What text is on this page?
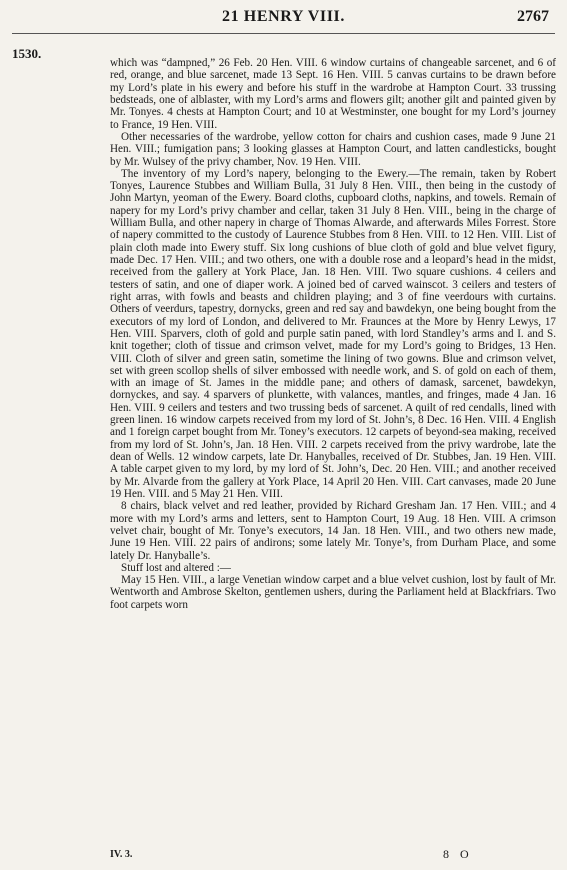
21 HENRY VIII.	2767
1530.

which was “dampned,” 26 Feb. 20 Hen. VIII. 6 window curtains of changeable sarcenet, and 6 of red, orange, and blue sarcenet, made 13 Sept. 16 Hen. VIII. 5 canvas curtains to be drawn before my Lord’s plate in his ewery and before his stuff in the wardrobe at Hampton Court. 33 trussing bedsteads, one of alblaster, with my Lord’s arms and flowers gilt; another gilt and painted given by Mr. Tonyes. 4 chests at Hampton Court; and 10 at Westminster, one bought for my Lord’s journey to France, 19 Hen. VIII.

Other necessaries of the wardrobe, yellow cotton for chairs and cushion cases, made 9 June 21 Hen. VIII.; fumigation pans; 3 looking glasses at Hampton Court, and latten candlesticks, bought by Mr. Wulsey of the privy chamber, Nov. 19 Hen. VIII.

The inventory of my Lord’s napery, belonging to the Ewery.—The remain, taken by Robert Tonyes, Laurence Stubbes and William Bulla, 31 July 8 Hen. VIII., then being in the custody of John Martyn, yeoman of the Ewery. Board cloths, cupboard cloths, napkins, and towels. Remain of napery for my Lord’s privy chamber and cellar, taken 31 July 8 Hen. VIII., being in the charge of William Bulla, and other napery in charge of Thomas Alwarde, and afterwards Miles Forrest. Store of napery committed to the custody of Laurence Stubbes from 8 Hen. VIII. to 12 Hen. VIII. List of plain cloth made into Ewery stuff. Six long cushions of blue cloth of gold and blue velvet figury, made Dec. 17 Hen. VIII.; and two others, one with a double rose and a leopard’s head in the midst, received from the gallery at York Place, Jan. 18 Hen. VIII. Two square cushions. 4 ceilers and testers of satin, and one of diaper work. A joined bed of carved wainscot. 3 ceilers and testers of right arras, with fowls and beasts and children playing; and 3 of fine veerdours with curtains. Others of veerdurs, tapestry, dornycks, green and red say and bawdekyn, one being bought from the executors of my lord of London, and delivered to Mr. Fraunces at the More by Henry Lewys, 17 Hen. VIII. Sparvers, cloth of gold and purple satin paned, with lord Standley’s arms and I. and S. knit together; cloth of tissue and crimson velvet, made for my Lord’s going to Bridges, 13 Hen. VIII. Cloth of silver and green satin, sometime the lining of two gowns. Blue and crimson velvet, set with green scollop shells of silver embossed with needle work, and S. of gold on each of them, with an image of St. James in the middle pane; and others of damask, sarcenet, bawdekyn, dornyckes, and say. 4 sparvers of plunkette, with valances, mantles, and fringes, made 4 Jan. 16 Hen. VIII. 9 ceilers and testers and two trussing beds of sarcenet. A quilt of red cendalls, lined with green linen. 16 window carpets received from my lord of St. John’s, 8 Dec. 16 Hen. VIII. 4 English and 1 foreign carpet bought from Mr. Toney’s executors. 12 carpets of beyond-sea making, received from my lord of St. John’s, Jan. 18 Hen. VIII. 2 carpets received from the privy wardrobe, late the dean of Wells. 12 window carpets, late Dr. Hanyballes, received of Dr. Stubbes, Jan. 19 Hen. VIII. A table carpet given to my lord, by my lord of St. John’s, Dec. 20 Hen. VIII.; and another received by Mr. Alvarde from the gallery at York Place, 14 April 20 Hen. VIII. Cart canvases, made 20 June 19 Hen. VIII. and 5 May 21 Hen. VIII.

8 chairs, black velvet and red leather, provided by Richard Gresham Jan. 17 Hen. VIII.; and 4 more with my Lord’s arms and letters, sent to Hampton Court, 19 Aug. 18 Hen. VIII. A crimson velvet chair, bought of Mr. Tonye’s executors, 14 Jan. 18 Hen. VIII., and two others new made, June 19 Hen. VIII. 22 pairs of andirons; some lately Mr. Tonye’s, from Durham Place, and some lately Dr. Hanyballe’s.

Stuff lost and altered :—

May 15 Hen. VIII., a large Venetian window carpet and a blue velvet cushion, lost by fault of Mr. Wentworth and Ambrose Skelton, gentlemen ushers, during the Parliament held at Blackfriars. Two foot carpets worn

IV. 3.	8 O
